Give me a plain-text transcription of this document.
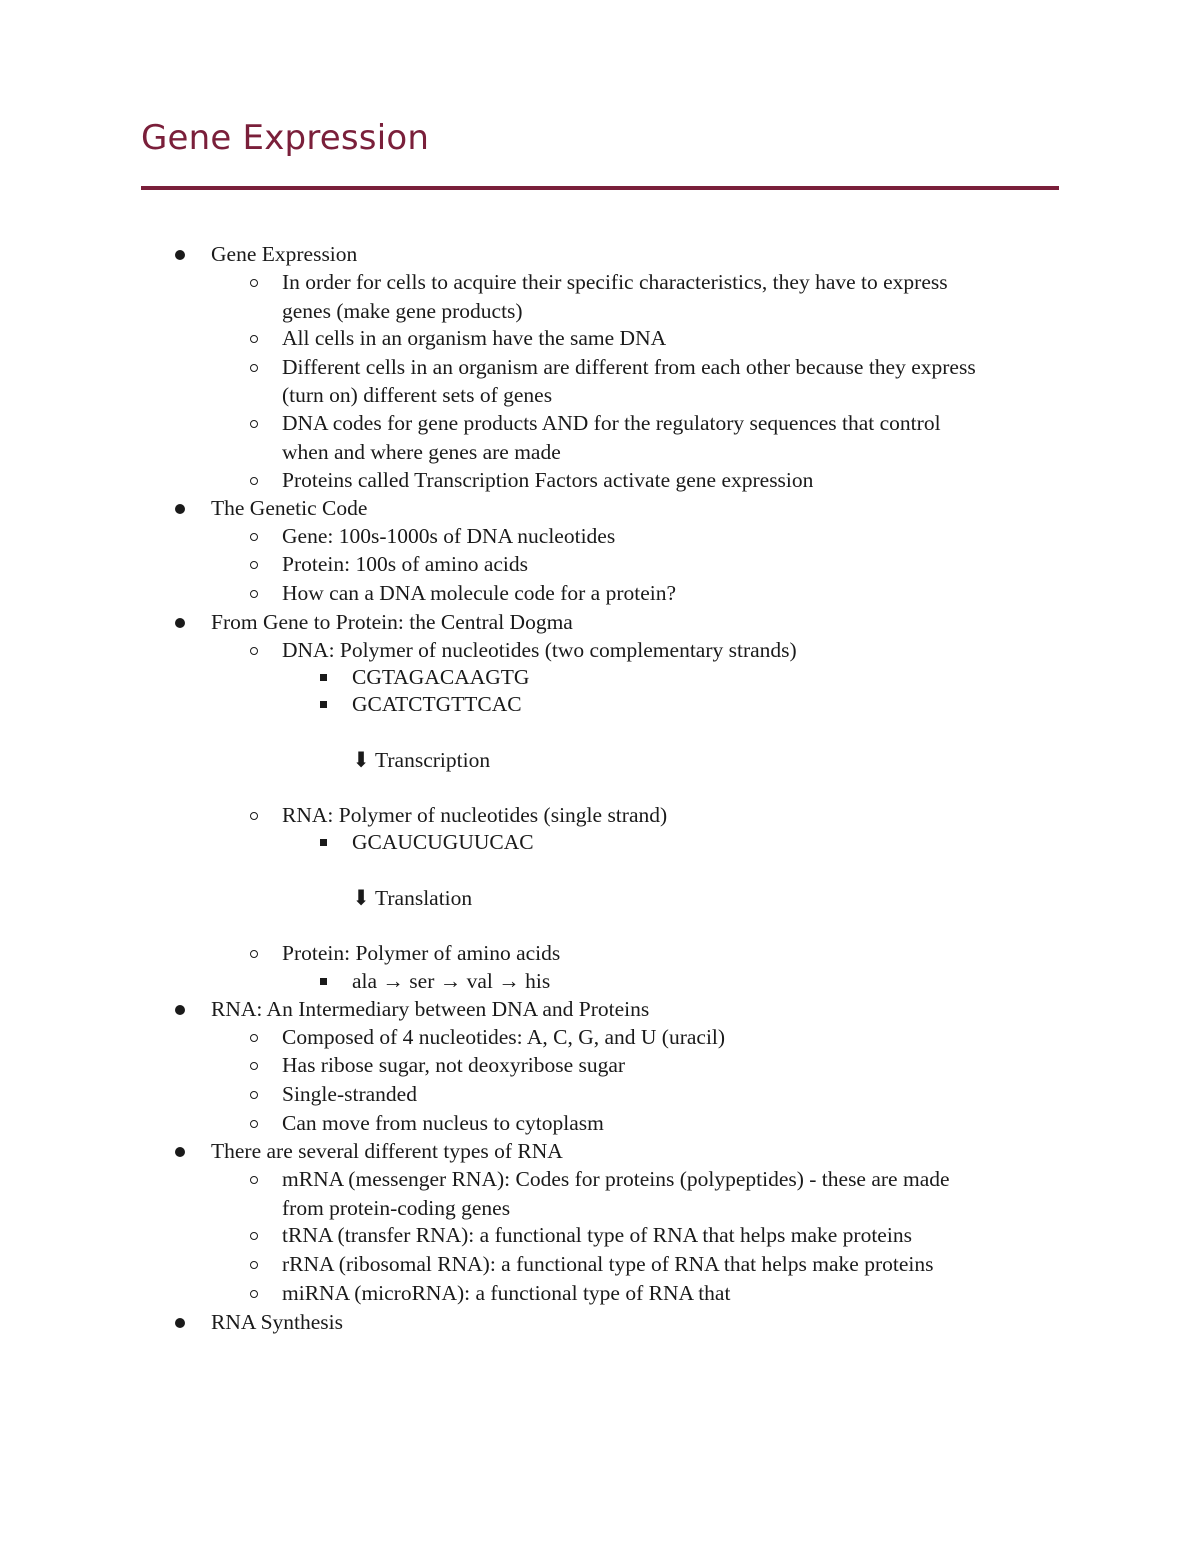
Gene Expression
Gene Expression
In order for cells to acquire their specific characteristics, they have to express
genes (make gene products)
All cells in an organism have the same DNA
Different cells in an organism are different from each other because they express
(turn on) different sets of genes
DNA codes for gene products AND for the regulatory sequences that control
when and where genes are made
Proteins called Transcription Factors activate gene expression
The Genetic Code
Gene: 100s-1000s of DNA nucleotides
Protein: 100s of amino acids
How can a DNA molecule code for a protein?
From Gene to Protein: the Central Dogma
DNA: Polymer of nucleotides (two complementary strands)
CGTAGACAAGTG
GCATCTGTTCAC
⬇ Transcription
RNA: Polymer of nucleotides (single strand)
GCAUCUGUUCAC
⬇ Translation
Protein: Polymer of amino acids
ala → ser → val → his
RNA: An Intermediary between DNA and Proteins
Composed of 4 nucleotides: A, C, G, and U (uracil)
Has ribose sugar, not deoxyribose sugar
Single-stranded
Can move from nucleus to cytoplasm
There are several different types of RNA
mRNA (messenger RNA): Codes for proteins (polypeptides) - these are made
from protein-coding genes
tRNA (transfer RNA): a functional type of RNA that helps make proteins
rRNA (ribosomal RNA): a functional type of RNA that helps make proteins
miRNA (microRNA): a functional type of RNA that
RNA Synthesis
